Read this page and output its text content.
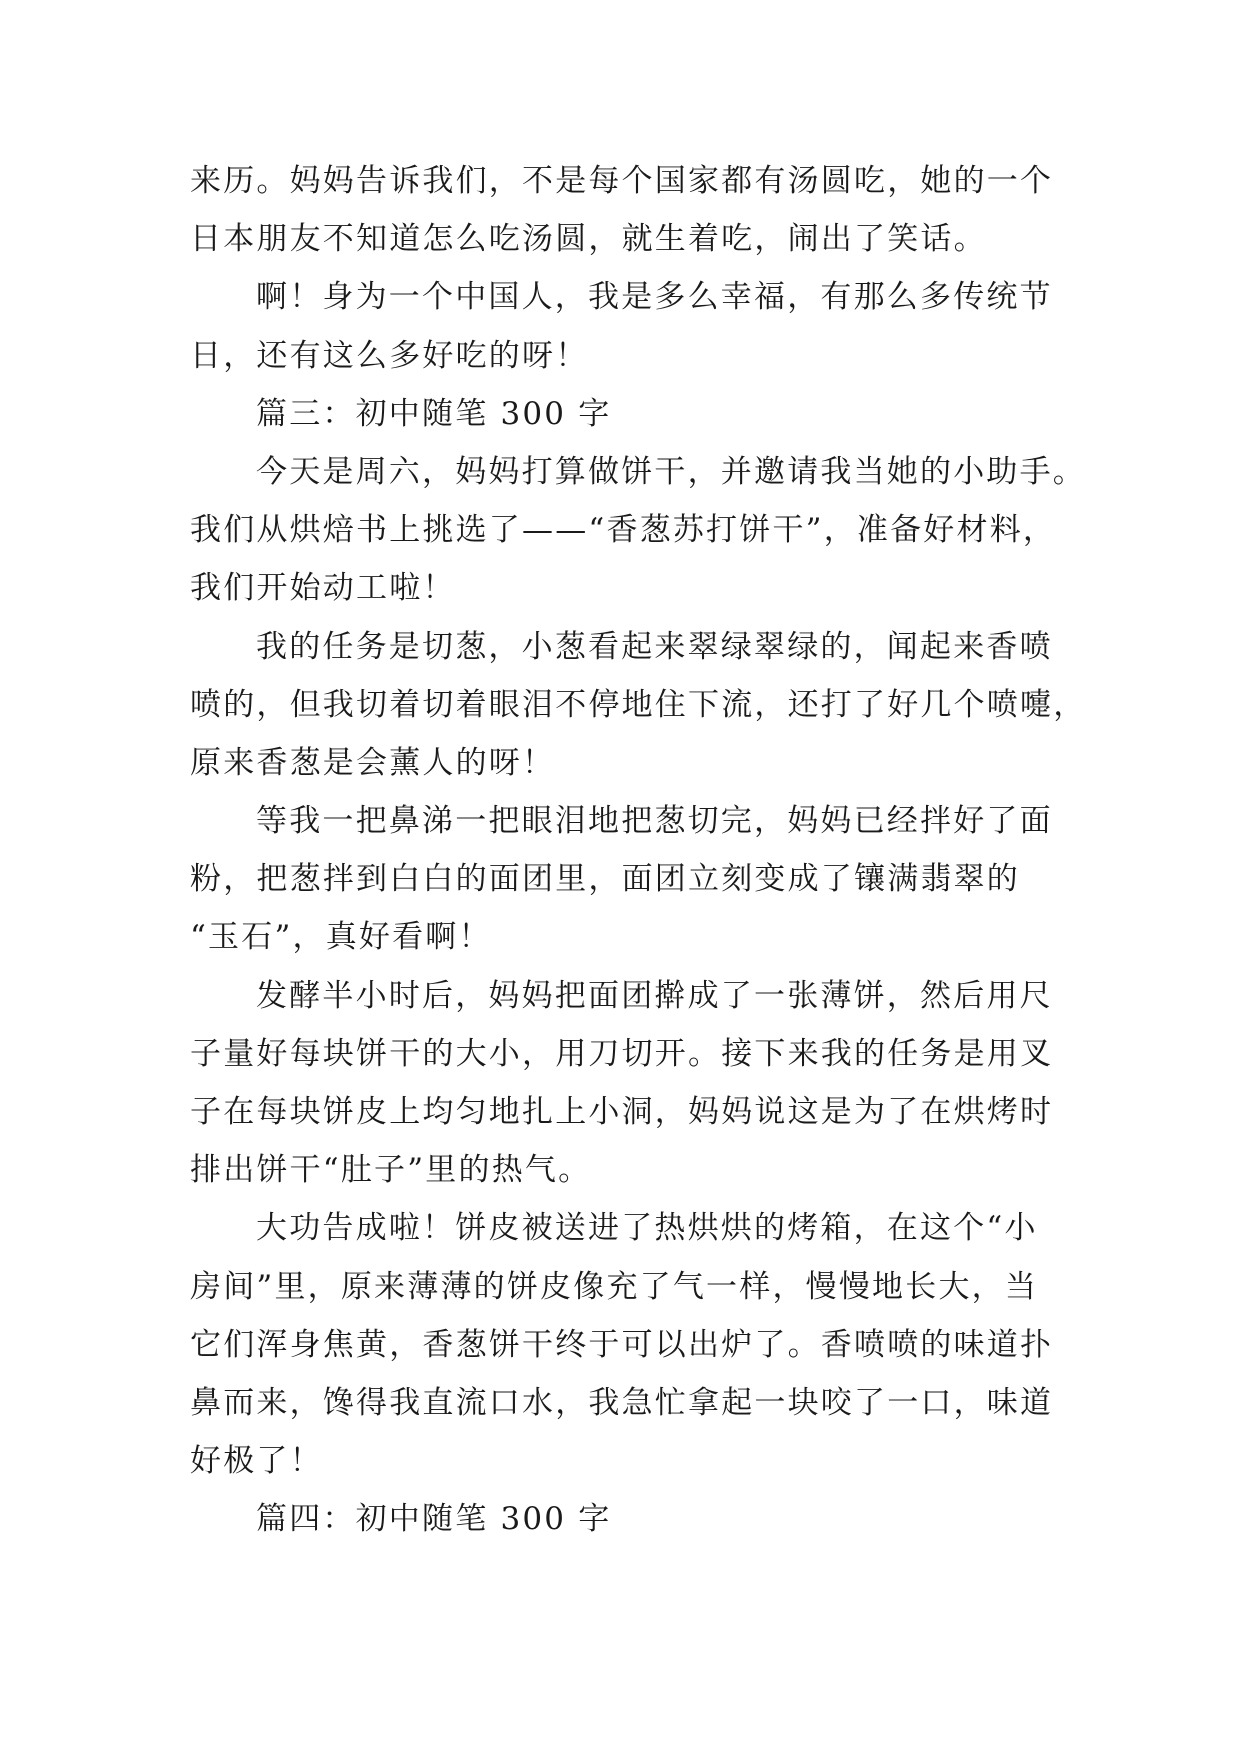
来历。妈妈告诉我们，不是每个国家都有汤圆吃，她的一个
日本朋友不知道怎么吃汤圆，就生着吃，闹出了笑话。
啊！身为一个中国人，我是多么幸福，有那么多传统节
日，还有这么多好吃的呀！
篇三：初中随笔 300 字
今天是周六，妈妈打算做饼干，并邀请我当她的小助手。
我们从烘焙书上挑选了——“香葱苏打饼干”，准备好材料，
我们开始动工啦！
我的任务是切葱，小葱看起来翠绿翠绿的，闻起来香喷
喷的，但我切着切着眼泪不停地住下流，还打了好几个喷嚏，
原来香葱是会薰人的呀！
等我一把鼻涕一把眼泪地把葱切完，妈妈已经拌好了面
粉，把葱拌到白白的面团里，面团立刻变成了镶满翡翠的
“玉石”，真好看啊！
发酵半小时后，妈妈把面团擀成了一张薄饼，然后用尺
子量好每块饼干的大小，用刀切开。接下来我的任务是用叉
子在每块饼皮上均匀地扎上小洞，妈妈说这是为了在烘烤时
排出饼干“肚子”里的热气。
大功告成啦！饼皮被送进了热烘烘的烤箱，在这个“小
房间”里，原来薄薄的饼皮像充了气一样，慢慢地长大，当
它们浑身焦黄，香葱饼干终于可以出炉了。香喷喷的味道扑
鼻而来，馋得我直流口水，我急忙拿起一块咬了一口，味道
好极了！
篇四：初中随笔 300 字
